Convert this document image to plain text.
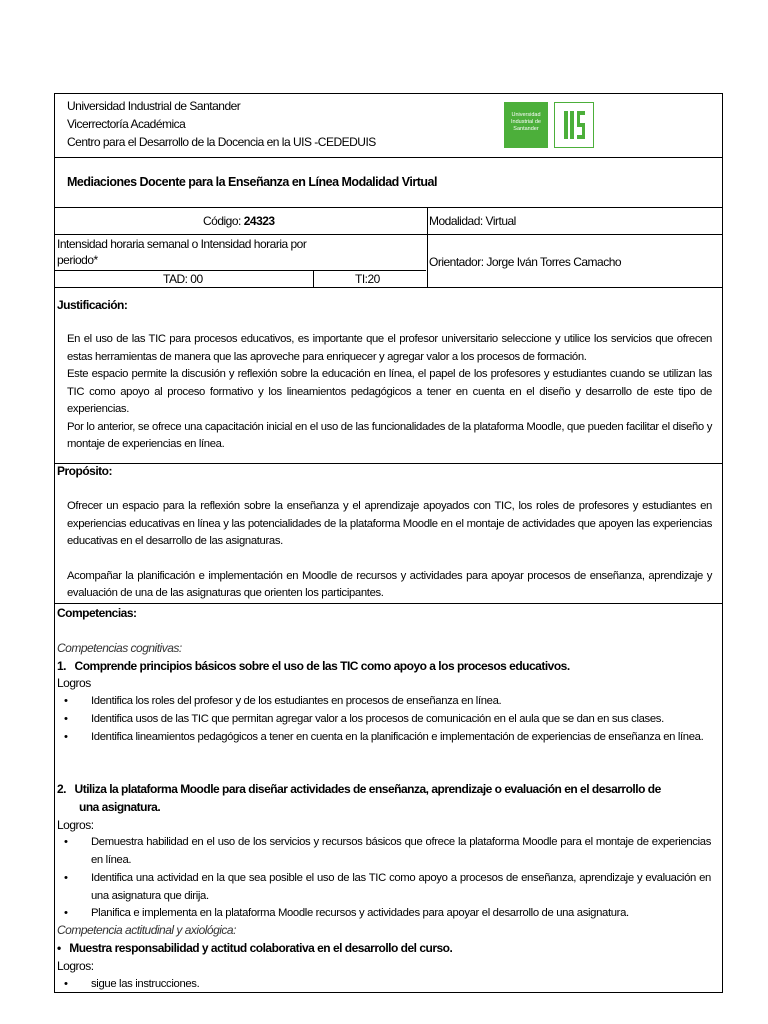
Universidad Industrial de Santander
Vicerrectoría Académica
Centro para el Desarrollo de la Docencia en la UIS -CEDEDUIS
Universidad Industrial de Santander
Mediaciones Docente para la Enseñanza en Línea Modalidad Virtual
Código: 24323	Modalidad: Virtual
Intensidad horaria semanal o Intensidad horaria por
periodo*	Orientador: Jorge Iván Torres Camacho
TAD: 00	TI:20
Justificación:

En el uso de las TIC para procesos educativos, es importante que el profesor universitario seleccione y utilice los servicios que ofrecen estas herramientas de manera que las aproveche para enriquecer y agregar valor a los procesos de formación.

Este espacio permite la discusión y reflexión sobre la educación en línea, el papel de los profesores y estudiantes cuando se utilizan las TIC como apoyo al proceso formativo y los lineamientos pedagógicos a tener en cuenta en el diseño y desarrollo de este tipo de experiencias.

Por lo anterior, se ofrece una capacitación inicial en el uso de las funcionalidades de la plataforma Moodle, que pueden facilitar el diseño y montaje de experiencias en línea.

Propósito:

Ofrecer un espacio para la reflexión sobre la enseñanza y el aprendizaje apoyados con TIC, los roles de profesores y estudiantes en experiencias educativas en línea y las potencialidades de la plataforma Moodle en el montaje de actividades que apoyen las experiencias educativas en el desarrollo de las asignaturas.

Acompañar la planificación e implementación en Moodle de recursos y actividades para apoyar procesos de enseñanza, aprendizaje y evaluación de una de las asignaturas que orienten los participantes.

Competencias:
Competencias cognitivas:
1. Comprende principios básicos sobre el uso de las TIC como apoyo a los procesos educativos.
Logros
• Identifica los roles del profesor y de los estudiantes en procesos de enseñanza en línea.
• Identifica usos de las TIC que permitan agregar valor a los procesos de comunicación en el aula que se dan en sus clases.
• Identifica lineamientos pedagógicos a tener en cuenta en la planificación e implementación de experiencias de enseñanza en línea.
2. Utiliza la plataforma Moodle para diseñar actividades de enseñanza, aprendizaje o evaluación en el desarrollo de
una asignatura.
Logros:
• Demuestra habilidad en el uso de los servicios y recursos básicos que ofrece la plataforma Moodle para el montaje de experiencias en línea.
• Identifica una actividad en la que sea posible el uso de las TIC como apoyo a procesos de enseñanza, aprendizaje y evaluación en una asignatura que dirija.
• Planifica e implementa en la plataforma Moodle recursos y actividades para apoyar el desarrollo de una asignatura.
Competencia actitudinal y axiológica:
• Muestra responsabilidad y actitud colaborativa en el desarrollo del curso.
Logros:
• sigue las instrucciones.
